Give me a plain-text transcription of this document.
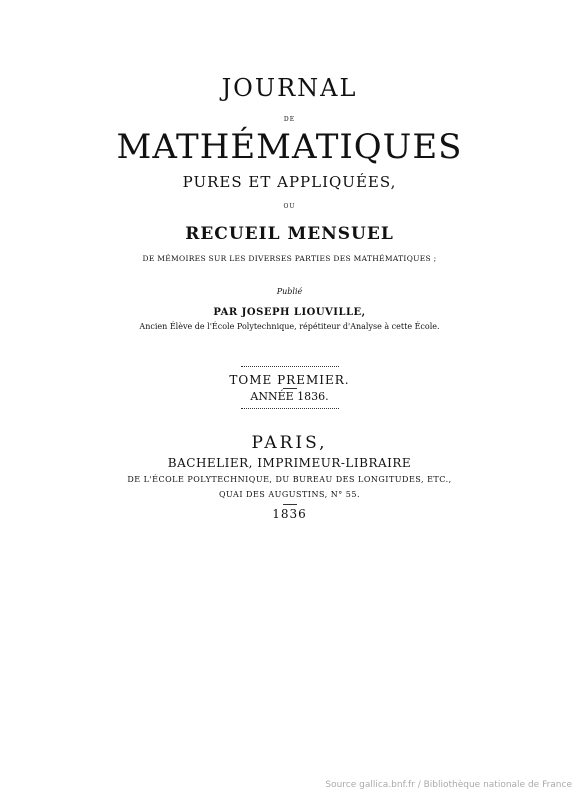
JOURNAL
DE
MATHÉMATIQUES
PURES ET APPLIQUÉES,
OU
RECUEIL MENSUEL
DE MÉMOIRES SUR LES DIVERSES PARTIES DES MATHÉMATIQUES ;
Publié
PAR JOSEPH LIOUVILLE,
Ancien Élève de l'École Polytechnique, répétiteur d'Analyse à cette École.
TOME PREMIER.
ANNÉE 1836.
PARIS,
BACHELIER, IMPRIMEUR-LIBRAIRE
DE L'ÉCOLE POLYTECHNIQUE, DU BUREAU DES LONGITUDES, ETC.,
QUAI DES AUGUSTINS, N° 55.
1836
Source gallica.bnf.fr / Bibliothèque nationale de France
